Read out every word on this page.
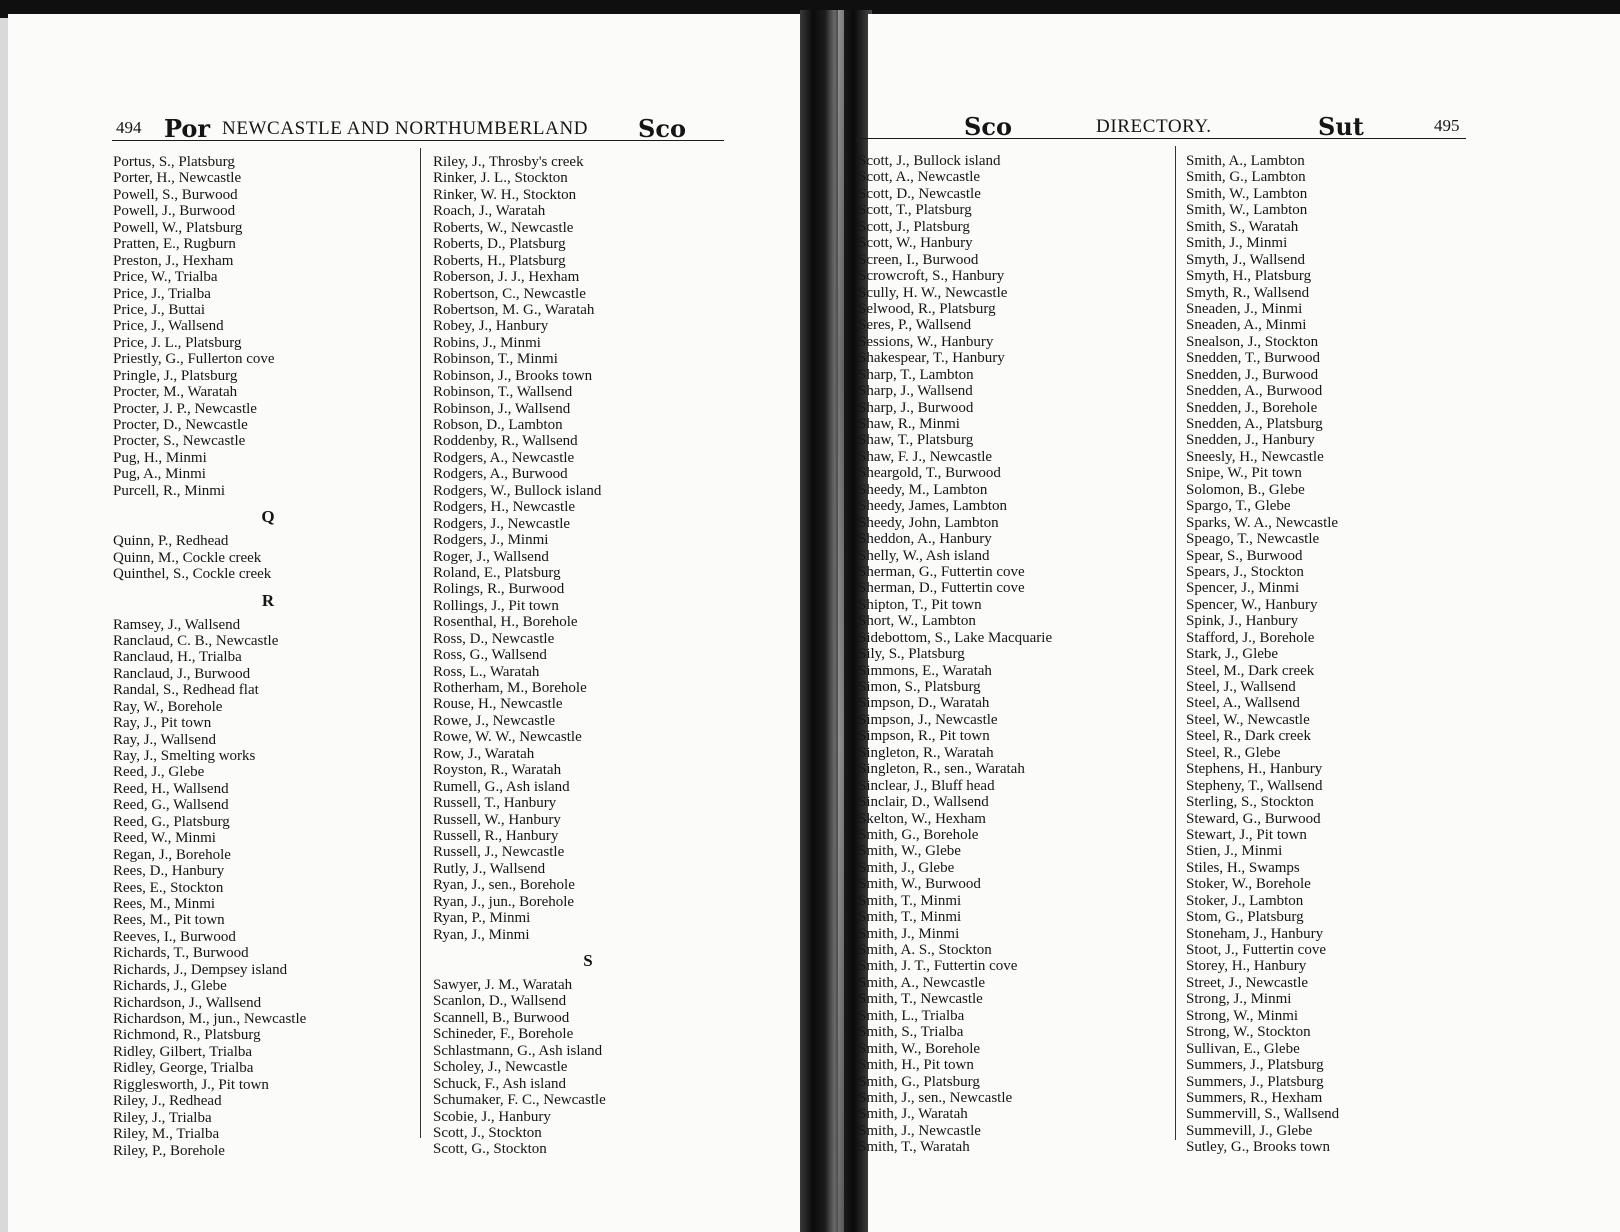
494 Por NEWCASTLE AND NORTHUMBERLAND Sco
Portus, S., Platsburg
Porter, H., Newcastle
Powell, S., Burwood
Powell, J., Burwood
Powell, W., Platsburg
Pratten, E., Rugburn
Preston, J., Hexham
Price, W., Trialba
Price, J., Trialba
Price, J., Buttai
Price, J., Wallsend
Price, J. L., Platsburg
Priestly, G., Fullerton cove
Pringle, J., Platsburg
Procter, M., Waratah
Procter, J. P., Newcastle
Procter, D., Newcastle
Procter, S., Newcastle
Pug, H., Minmi
Pug, A., Minmi
Purcell, R., Minmi
Q
Quinn, P., Redhead
Quinn, M., Cockle creek
Quinthel, S., Cockle creek
R
Ramsey, J., Wallsend
Ranclaud, C. B., Newcastle
Ranclaud, H., Trialba
Ranclaud, J., Burwood
Randal, S., Redhead flat
Ray, W., Borehole
Ray, J., Pit town
Ray, J., Wallsend
Ray, J., Smelting works
Reed, J., Glebe
Reed, H., Wallsend
Reed, G., Wallsend
Reed, G., Platsburg
Reed, W., Minmi
Regan, J., Borehole
Rees, D., Hanbury
Rees, E., Stockton
Rees, M., Minmi
Rees, M., Pit town
Reeves, I., Burwood
Richards, T., Burwood
Richards, J., Dempsey island
Richards, J., Glebe
Richardson, J., Wallsend
Richardson, M., jun., Newcastle
Richmond, R., Platsburg
Ridley, Gilbert, Trialba
Ridley, George, Trialba
Rigglesworth, J., Pit town
Riley, J., Redhead
Riley, J., Trialba
Riley, M., Trialba
Riley, P., Borehole
Riley, J., Throsby's creek
Rinker, J. L., Stockton
Rinker, W. H., Stockton
Roach, J., Waratah
Roberts, W., Newcastle
Roberts, D., Platsburg
Roberts, H., Platsburg
Roberson, J. J., Hexham
Robertson, C., Newcastle
Robertson, M. G., Waratah
Robey, J., Hanbury
Robins, J., Minmi
Robinson, T., Minmi
Robinson, J., Brooks town
Robinson, T., Wallsend
Robinson, J., Wallsend
Robson, D., Lambton
Roddenby, R., Wallsend
Rodgers, A., Newcastle
Rodgers, A., Burwood
Rodgers, W., Bullock island
Rodgers, H., Newcastle
Rodgers, J., Newcastle
Rodgers, J., Minmi
Roger, J., Wallsend
Roland, E., Platsburg
Rolings, R., Burwood
Rollings, J., Pit town
Rosenthal, H., Borehole
Ross, D., Newcastle
Ross, G., Wallsend
Ross, L., Waratah
Rotherham, M., Borehole
Rouse, H., Newcastle
Rowe, J., Newcastle
Rowe, W. W., Newcastle
Row, J., Waratah
Royston, R., Waratah
Rumell, G., Ash island
Russell, T., Hanbury
Russell, W., Hanbury
Russell, R., Hanbury
Russell, J., Newcastle
Rutly, J., Wallsend
Ryan, J., sen., Borehole
Ryan, J., jun., Borehole
Ryan, P., Minmi
Ryan, J., Minmi
S
Sawyer, J. M., Waratah
Scanlon, D., Wallsend
Scannell, B., Burwood
Schineder, F., Borehole
Schlastmann, G., Ash island
Scholey, J., Newcastle
Schuck, F., Ash island
Schumaker, F. C., Newcastle
Scobie, J., Hanbury
Scott, J., Stockton
Scott, G., Stockton
Sco	DIRECTORY.	Sut	495
Scott, J., Bullock island
Scott, A., Newcastle
Scott, D., Newcastle
Scott, T., Platsburg
Scott, J., Platsburg
Scott, W., Hanbury
Screen, I., Burwood
Scrowcroft, S., Hanbury
Scully, H. W., Newcastle
Selwood, R., Platsburg
Seres, P., Wallsend
Sessions, W., Hanbury
Shakespear, T., Hanbury
Sharp, T., Lambton
Sharp, J., Wallsend
Sharp, J., Burwood
Shaw, R., Minmi
Shaw, T., Platsburg
Shaw, F. J., Newcastle
Sheargold, T., Burwood
Sheedy, M., Lambton
Sheedy, James, Lambton
Sheedy, John, Lambton
Sheddon, A., Hanbury
Shelly, W., Ash island
Sherman, G., Futtertin cove
Sherman, D., Futtertin cove
Shipton, T., Pit town
Short, W., Lambton
Sidebottom, S., Lake Macquarie
Sily, S., Platsburg
Simmons, E., Waratah
Simon, S., Platsburg
Simpson, D., Waratah
Simpson, J., Newcastle
Simpson, R., Pit town
Singleton, R., Waratah
Singleton, R., sen., Waratah
Sinclear, J., Bluff head
Sinclair, D., Wallsend
Skelton, W., Hexham
Smith, G., Borehole
Smith, W., Glebe
Smith, J., Glebe
Smith, W., Burwood
Smith, T., Minmi
Smith, T., Minmi
Smith, J., Minmi
Smith, A. S., Stockton
Smith, J. T., Futtertin cove
Smith, A., Newcastle
Smith, T., Newcastle
Smith, L., Trialba
Smith, S., Trialba
Smith, W., Borehole
Smith, H., Pit town
Smith, G., Platsburg
Smith, J., sen., Newcastle
Smith, J., Waratah
Smith, J., Newcastle
Smith, T., Waratah
Smith, A., Lambton
Smith, G., Lambton
Smith, W., Lambton
Smith, W., Lambton
Smith, S., Waratah
Smith, J., Minmi
Smyth, J., Wallsend
Smyth, H., Platsburg
Smyth, R., Wallsend
Sneaden, J., Minmi
Sneaden, A., Minmi
Snealson, J., Stockton
Snedden, T., Burwood
Snedden, J., Burwood
Snedden, A., Burwood
Snedden, J., Borehole
Snedden, A., Platsburg
Snedden, J., Hanbury
Sneesly, H., Newcastle
Snipe, W., Pit town
Solomon, B., Glebe
Spargo, T., Glebe
Sparks, W. A., Newcastle
Speago, T., Newcastle
Spear, S., Burwood
Spears, J., Stockton
Spencer, J., Minmi
Spencer, W., Hanbury
Spink, J., Hanbury
Stafford, J., Borehole
Stark, J., Glebe
Steel, M., Dark creek
Steel, J., Wallsend
Steel, A., Wallsend
Steel, W., Newcastle
Steel, R., Dark creek
Steel, R., Glebe
Stephens, H., Hanbury
Stepheny, T., Wallsend
Sterling, S., Stockton
Steward, G., Burwood
Stewart, J., Pit town
Stien, J., Minmi
Stiles, H., Swamps
Stoker, W., Borehole
Stoker, J., Lambton
Stom, G., Platsburg
Stoneham, J., Hanbury
Stoot, J., Futtertin cove
Storey, H., Hanbury
Street, J., Newcastle
Strong, J., Minmi
Strong, W., Minmi
Strong, W., Stockton
Sullivan, E., Glebe
Summers, J., Platsburg
Summers, J., Platsburg
Summers, R., Hexham
Summervill, S., Wallsend
Summevill, J., Glebe
Sutley, G., Brooks town
